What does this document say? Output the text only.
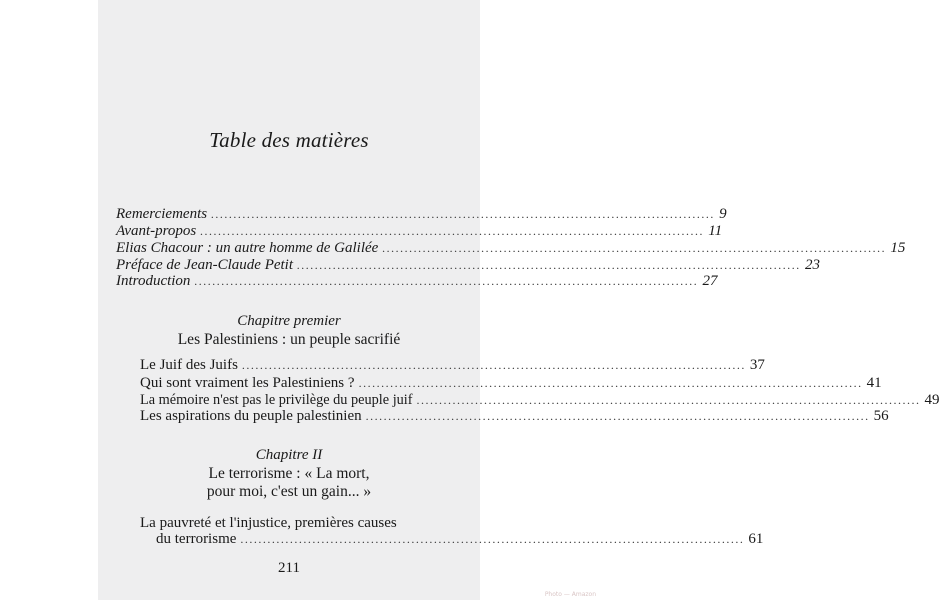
Table des matières
Remerciements ................................................................................................................ 9
Avant-propos ................................................................................................................ 11
Elias Chacour : un autre homme de Galilée ................................................................................................................ 15
Préface de Jean-Claude Petit ................................................................................................................ 23
Introduction ................................................................................................................ 27
Chapitre premier
Les Palestiniens : un peuple sacrifié
Le Juif des Juifs ................................................................................................................ 37
Qui sont vraiment les Palestiniens ? ................................................................................................................ 41
La mémoire n'est pas le privilège du peuple juif ................................................................................................................ 49
Les aspirations du peuple palestinien ................................................................................................................ 56
Chapitre II
Le terrorisme : « La mort,
pour moi, c'est un gain... »
La pauvreté et l'injustice, premières causes
du terrorisme ................................................................................................................ 61
211
Photo — Amazon
